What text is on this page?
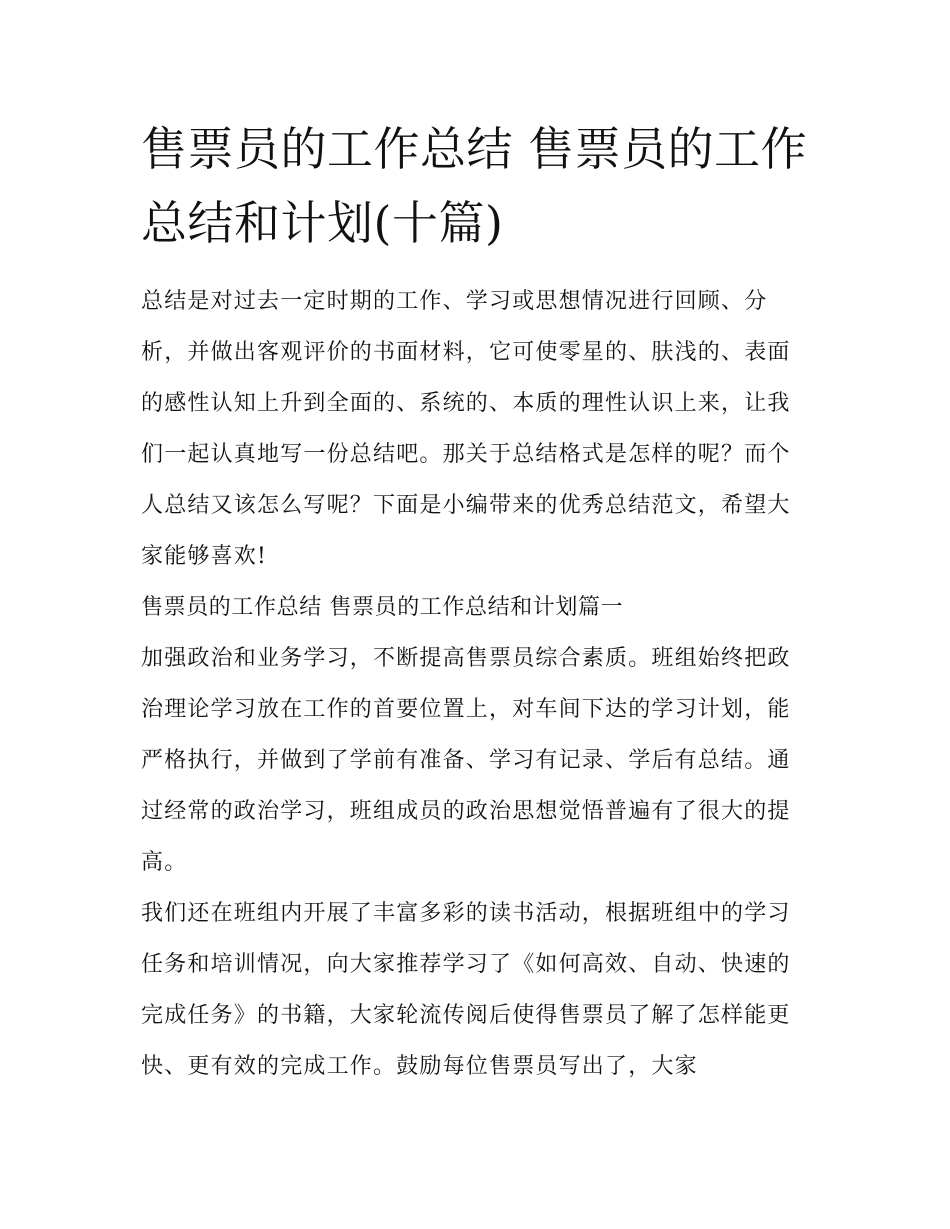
售票员的工作总结 售票员的工作总结和计划(十篇)

总结是对过去一定时期的工作、学习或思想情况进行回顾、分析，并做出客观评价的书面材料，它可使零星的、肤浅的、表面的感性认知上升到全面的、系统的、本质的理性认识上来，让我们一起认真地写一份总结吧。那关于总结格式是怎样的呢？而个人总结又该怎么写呢？下面是小编带来的优秀总结范文，希望大家能够喜欢!

售票员的工作总结 售票员的工作总结和计划篇一

加强政治和业务学习，不断提高售票员综合素质。班组始终把政治理论学习放在工作的首要位置上，对车间下达的学习计划，能严格执行，并做到了学前有准备、学习有记录、学后有总结。通过经常的政治学习，班组成员的政治思想觉悟普遍有了很大的提高。

我们还在班组内开展了丰富多彩的读书活动，根据班组中的学习任务和培训情况，向大家推荐学习了《如何高效、自动、快速的完成任务》的书籍，大家轮流传阅后使得售票员了解了怎样能更快、更有效的完成工作。鼓励每位售票员写出了，大家
